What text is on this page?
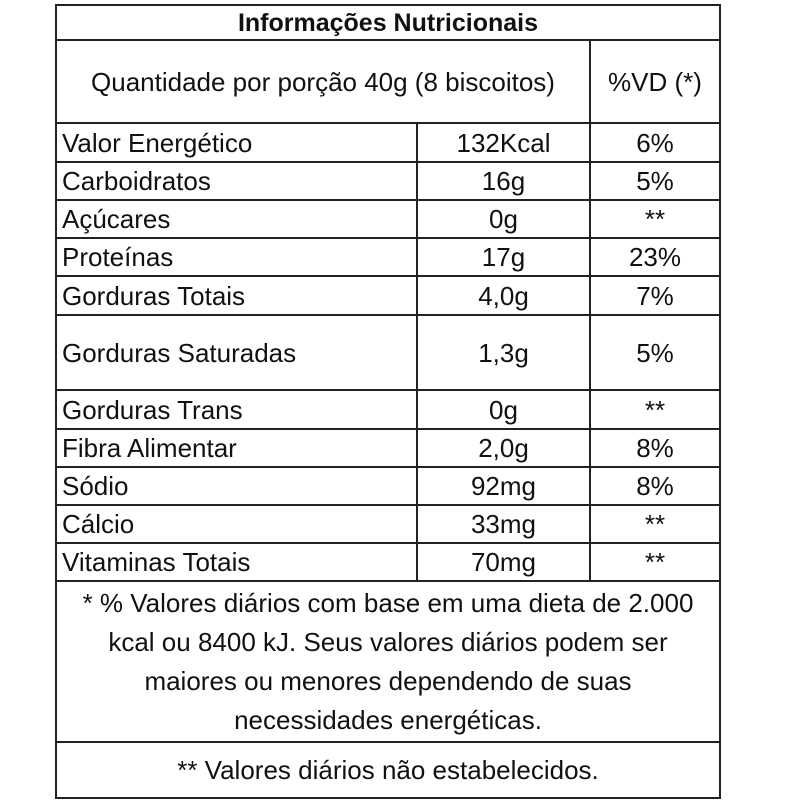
Informações Nutricionais
Quantidade por porção 40g (8 biscoitos)	%VD (*)
Valor Energético	132Kcal	6%
Carboidratos	16g	5%
Açúcares	0g	**
Proteínas	17g	23%
Gorduras Totais	4,0g	7%
Gorduras Saturadas	1,3g	5%
Gorduras Trans	0g	**
Fibra Alimentar	2,0g	8%
Sódio	92mg	8%
Cálcio	33mg	**
Vitaminas Totais	70mg	**
* % Valores diários com base em uma dieta de 2.000
kcal ou 8400 kJ. Seus valores diários podem ser
maiores ou menores dependendo de suas
necessidades energéticas.
** Valores diários não estabelecidos.
